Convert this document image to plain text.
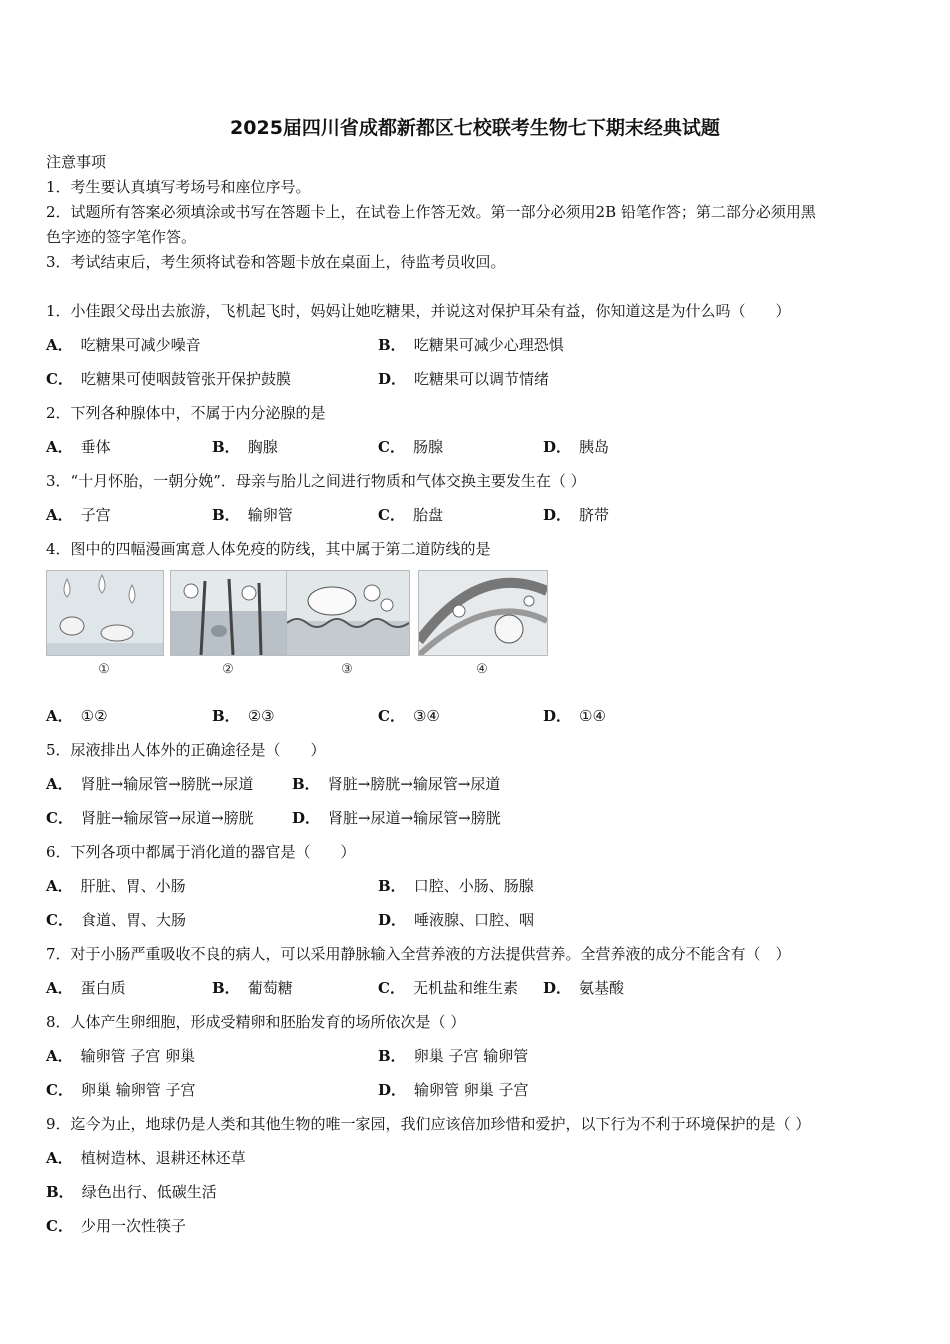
2025届四川省成都新都区七校联考生物七下期末经典试题
注意事项
1．考生要认真填写考场号和座位序号。
2．试题所有答案必须填涂或书写在答题卡上，在试卷上作答无效。第一部分必须用2B 铅笔作答；第二部分必须用黑
色字迹的签字笔作答。
3．考试结束后，考生须将试卷和答题卡放在桌面上，待监考员收回。
1．小佳跟父母出去旅游，飞机起飞时，妈妈让她吃糖果，并说这对保护耳朵有益，你知道这是为什么吗（　　）
A． 吃糖果可减少噪音	B． 吃糖果可减少心理恐惧
C． 吃糖果可使咽鼓管张开保护鼓膜	D． 吃糖果可以调节情绪
2．下列各种腺体中，不属于内分泌腺的是
A． 垂体	B． 胸腺	C． 肠腺	D． 胰岛
3．“十月怀胎，一朝分娩”．母亲与胎儿之间进行物质和气体交换主要发生在（ ）
A． 子宫	B． 输卵管	C． 胎盘	D． 脐带
4．图中的四幅漫画寓意人体免疫的防线，其中属于第二道防线的是
①	②	③	④
A． ①②	B． ②③	C． ③④	D． ①④
5．尿液排出人体外的正确途径是（　　）
A． 肾脏→输尿管→膀胱→尿道	B． 肾脏→膀胱→输尿管→尿道
C． 肾脏→输尿管→尿道→膀胱	D． 肾脏→尿道→输尿管→膀胱
6．下列各项中都属于消化道的器官是（　　）
A． 肝脏、胃、小肠	B． 口腔、小肠、肠腺
C． 食道、胃、大肠	D． 唾液腺、口腔、咽
7．对于小肠严重吸收不良的病人，可以采用静脉输入全营养液的方法提供营养。全营养液的成分不能含有（　）
A． 蛋白质	B． 葡萄糖	C． 无机盐和维生素 D． 氨基酸
8．人体产生卵细胞，形成受精卵和胚胎发育的场所依次是（ ）
A． 输卵管 子宫 卵巢	B． 卵巢 子宫 输卵管
C． 卵巢 输卵管 子宫	D． 输卵管 卵巢 子宫
9．迄今为止，地球仍是人类和其他生物的唯一家园，我们应该倍加珍惜和爱护，以下行为不利于环境保护的是（ ）
A． 植树造林、退耕还林还草
B． 绿色出行、低碳生活
C． 少用一次性筷子
